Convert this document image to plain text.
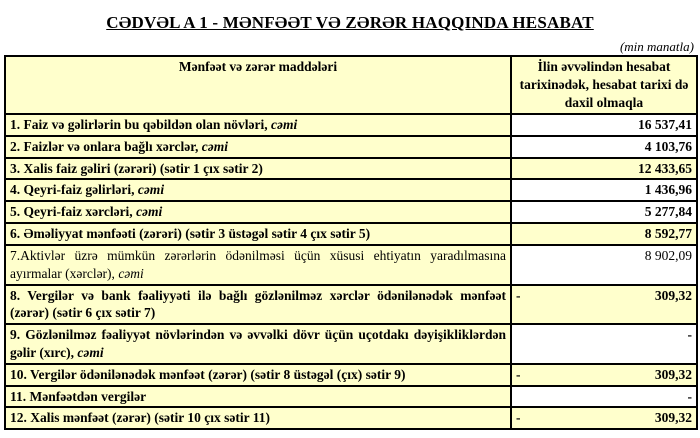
CƏDVƏL A 1 - MƏNFƏƏT VƏ ZƏRƏR HAQQINDA HESABAT
(min manatla)
Mənfəət və zərər maddələri	İlin əvvəlindən hesabat tarixinədək, hesabat tarixi də daxil olmaqla
1. Faiz və gəlirlərin bu qəbildən olan növləri, cəmi	16 537,41

2. Faizlər və onlara bağlı xərclər, cəmi	4 103,76

3. Xalis faiz gəliri (zərəri) (sətir 1 çıx sətir 2)	12 433,65

4. Qeyri-faiz gəlirləri, cəmi	1 436,96

5. Qeyri-faiz xərcləri, cəmi	5 277,84

6. Əməliyyat mənfəəti (zərəri) (sətir 3 üstəgəl sətir 4 çıx sətir 5)	8 592,77

7.Aktivlər üzrə mümkün zərərlərin ödənilməsi üçün xüsusi ehtiyatın yaradılmasına ayırmalar (xərclər), cəmi	8 902,09

8. Vergilər və bank fəaliyyəti ilə bağlı gözlənilməz xərclər ödənilənədək mənfəət (zərər) (sətir 6 çıx sətir 7)	- 309,32

9. Gözlənilməz fəaliyyət növlərindən və əvvəlki dövr üçün uçotdakı dəyişikliklərdən gəlir (xırc), cəmi	-

10. Vergilər ödənilənədək mənfəət (zərər) (sətir 8 üstəgəl (çıx) sətir 9)	- 309,32

11. Mənfəətdən vergilər	-

12. Xalis mənfəət (zərər) (sətir 10 çıx sətir 11)	- 309,32
